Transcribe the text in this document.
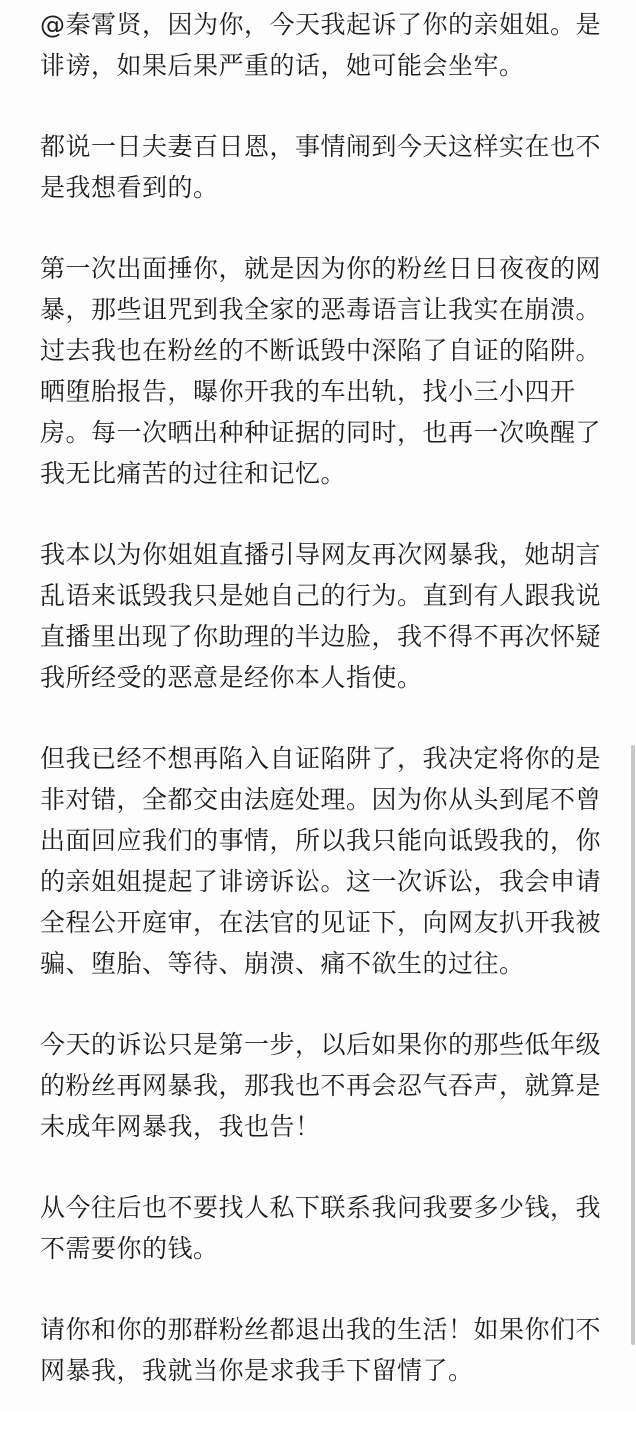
@秦霄贤，因为你，今天我起诉了你的亲姐姐。是
诽谤，如果后果严重的话，她可能会坐牢。

都说一日夫妻百日恩，事情闹到今天这样实在也不
是我想看到的。

第一次出面捶你，就是因为你的粉丝日日夜夜的网
暴，那些诅咒到我全家的恶毒语言让我实在崩溃。
过去我也在粉丝的不断诋毁中深陷了自证的陷阱。
晒堕胎报告，曝你开我的车出轨，找小三小四开
房。每一次晒出种种证据的同时，也再一次唤醒了
我无比痛苦的过往和记忆。

我本以为你姐姐直播引导网友再次网暴我，她胡言
乱语来诋毁我只是她自己的行为。直到有人跟我说
直播里出现了你助理的半边脸，我不得不再次怀疑
我所经受的恶意是经你本人指使。

但我已经不想再陷入自证陷阱了，我决定将你的是
非对错，全都交由法庭处理。因为你从头到尾不曾
出面回应我们的事情，所以我只能向诋毁我的，你
的亲姐姐提起了诽谤诉讼。这一次诉讼，我会申请
全程公开庭审，在法官的见证下，向网友扒开我被
骗、堕胎、等待、崩溃、痛不欲生的过往。

今天的诉讼只是第一步，以后如果你的那些低年级
的粉丝再网暴我，那我也不再会忍气吞声，就算是
未成年网暴我，我也告！

从今往后也不要找人私下联系我问我要多少钱，我
不需要你的钱。

请你和你的那群粉丝都退出我的生活！如果你们不
网暴我，我就当你是求我手下留情了。
